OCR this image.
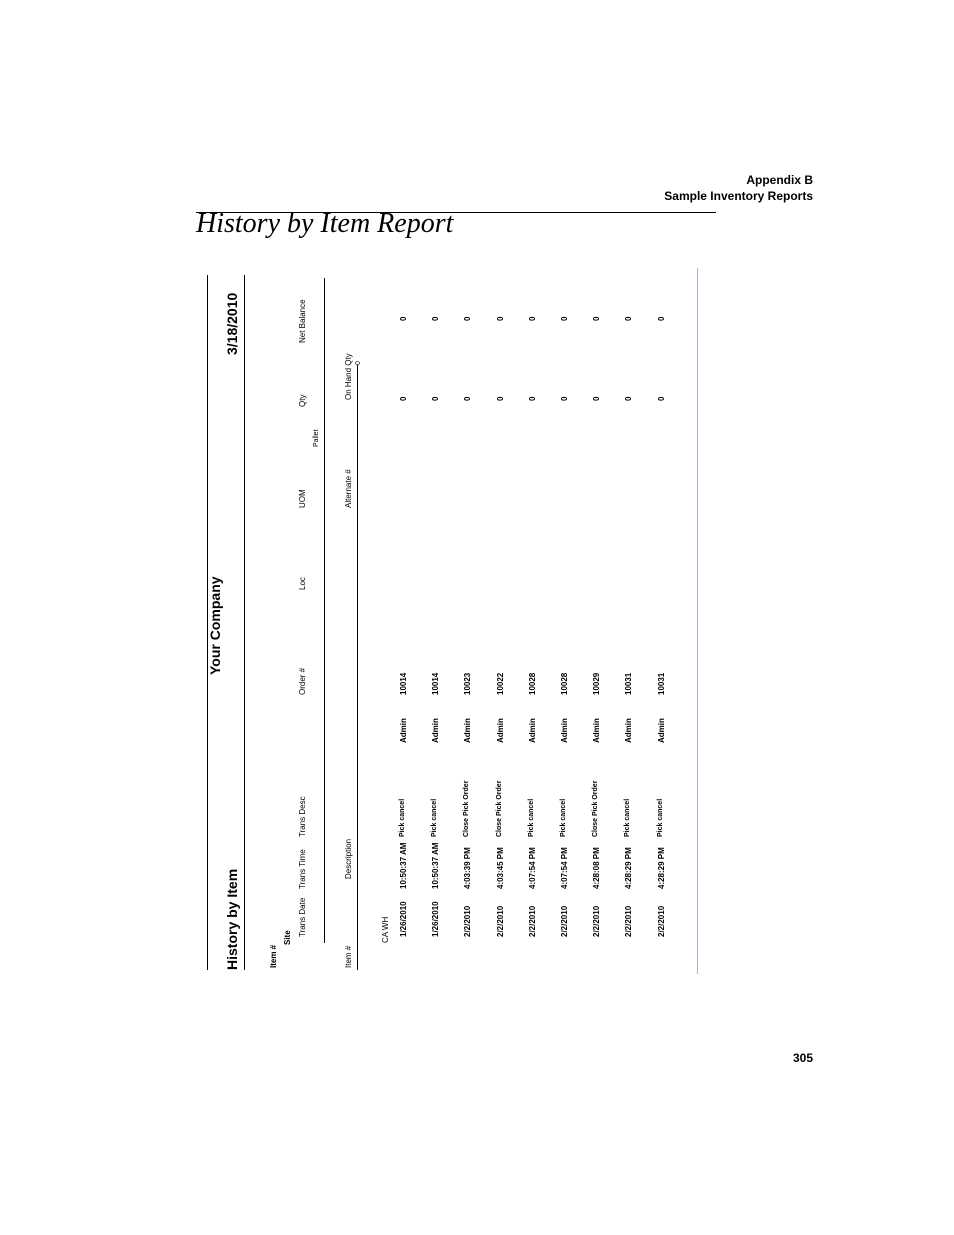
Appendix B
Sample Inventory Reports
History by Item Report
305
History by Item
Your Company
3/18/2010
Item #
Site
Trans Date
Trans Time
Trans Desc
Order #
Loc
UOM
Qty
Net Balance
Pallet
Item #
Description
Alternate #
On Hand Qty 0
CA WH 1/26/2010
10:50:37 AM
Pick cancel
Admin
10014
0
0
1/26/2010
10:50:37 AM
Pick cancel
Admin
10014
0
0
2/2/2010
4:03:39 PM
Close Pick Order
Admin
10023
0
0
2/2/2010
4:03:45 PM
Close Pick Order
Admin
10022
0
0
2/2/2010
4:07:54 PM
Pick cancel
Admin
10028
0
0
2/2/2010
4:07:54 PM
Pick cancel
Admin
10028
0
0
2/2/2010
4:28:08 PM
Close Pick Order
Admin
10029
0
0
2/2/2010
4:28:29 PM
Pick cancel
Admin
10031
0
0
2/2/2010
4:28:29 PM
Pick cancel
Admin
10031
0
0
